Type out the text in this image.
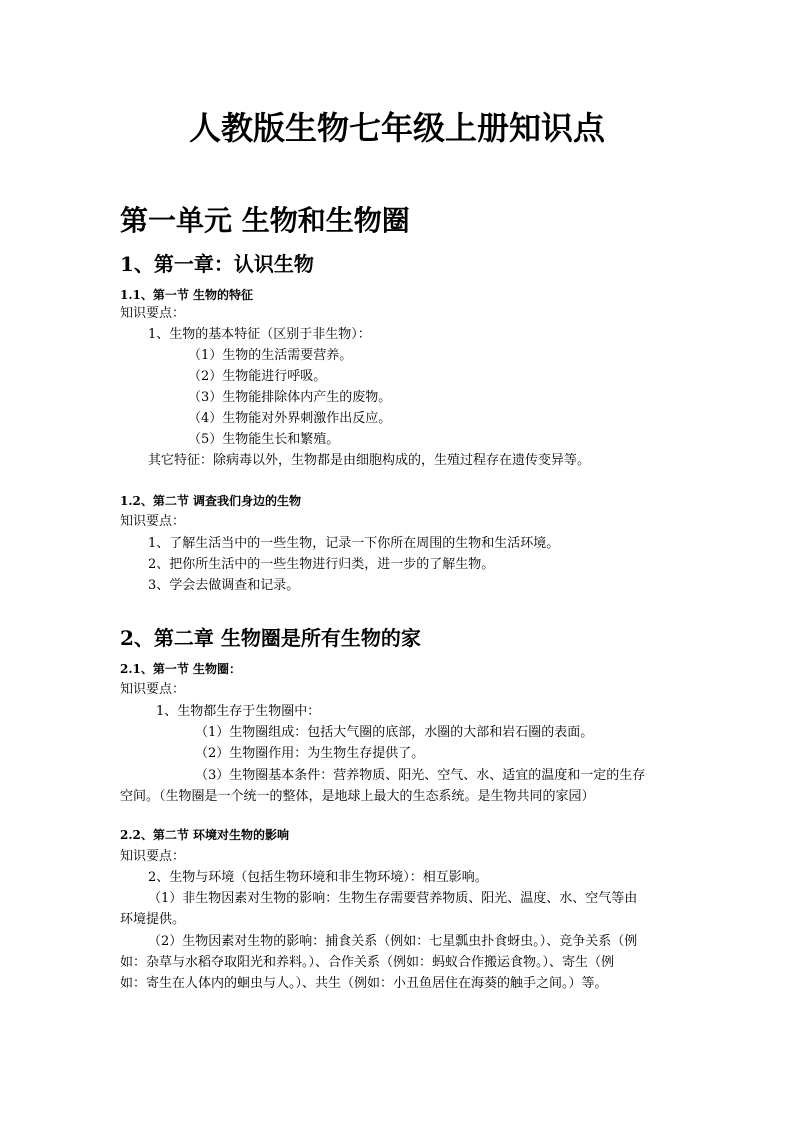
人教版生物七年级上册知识点
第一单元 生物和生物圈
1、第一章：认识生物
1.1、第一节 生物的特征

知识要点：

1、生物的基本特征（区别于非生物）：

（1）生物的生活需要营养。

（2）生物能进行呼吸。

（3）生物能排除体内产生的废物。

（4）生物能对外界刺激作出反应。

（5）生物能生长和繁殖。

其它特征：除病毒以外，生物都是由细胞构成的，生殖过程存在遗传变异等。

1.2、第二节 调查我们身边的生物

知识要点：

1、了解生活当中的一些生物，记录一下你所在周围的生物和生活环境。

2、把你所生活中的一些生物进行归类，进一步的了解生物。

3、学会去做调查和记录。

2、第二章 生物圈是所有生物的家
2.1、第一节 生物圈：

知识要点：

1、生物都生存于生物圈中：

（1）生物圈组成：包括大气圈的底部，水圈的大部和岩石圈的表面。

（2）生物圈作用：为生物生存提供了。

（3）生物圈基本条件：营养物质、阳光、空气、水、适宜的温度和一定的生存

空间。（生物圈是一个统一的整体，是地球上最大的生态系统。是生物共同的家园）

2.2、第二节 环境对生物的影响

知识要点：

2、生物与环境（包括生物环境和非生物环境）：相互影响。

（1）非生物因素对生物的影响：生物生存需要营养物质、阳光、温度、水、空气等由

环境提供。

（2）生物因素对生物的影响：捕食关系（例如：七星瓢虫扑食蚜虫。）、竞争关系（例

如：杂草与水稻夺取阳光和养料。）、合作关系（例如：蚂蚁合作搬运食物。）、寄生（例

如：寄生在人体内的蛔虫与人。）、共生（例如：小丑鱼居住在海葵的触手之间。）等。
